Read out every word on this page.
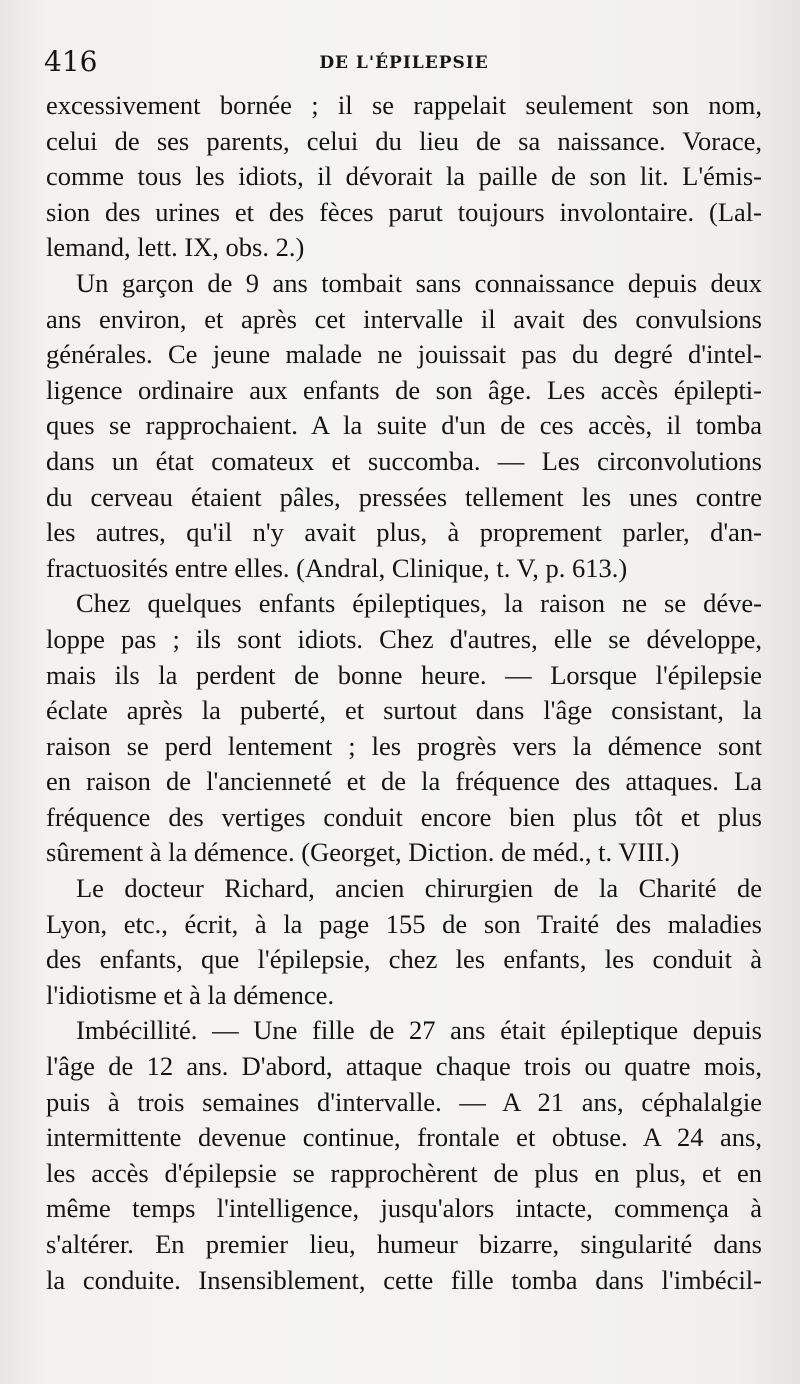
416	DE L'ÉPILEPSIE

excessivement bornée ; il se rappelait seulement son nom,

celui de ses parents, celui du lieu de sa naissance. Vorace,

comme tous les idiots, il dévorait la paille de son lit. L'émis-

sion des urines et des fèces parut toujours involontaire. (Lal-

lemand, lett. IX, obs. 2.)

Un garçon de 9 ans tombait sans connaissance depuis deux

ans environ, et après cet intervalle il avait des convulsions

générales. Ce jeune malade ne jouissait pas du degré d'intel-

ligence ordinaire aux enfants de son âge. Les accès épilepti-

ques se rapprochaient. A la suite d'un de ces accès, il tomba

dans un état comateux et succomba. — Les circonvolutions

du cerveau étaient pâles, pressées tellement les unes contre

les autres, qu'il n'y avait plus, à proprement parler, d'an-

fractuosités entre elles. (Andral, Clinique, t. V, p. 613.)

Chez quelques enfants épileptiques, la raison ne se déve-

loppe pas ; ils sont idiots. Chez d'autres, elle se développe,

mais ils la perdent de bonne heure. — Lorsque l'épilepsie

éclate après la puberté, et surtout dans l'âge consistant, la

raison se perd lentement ; les progrès vers la démence sont

en raison de l'ancienneté et de la fréquence des attaques. La

fréquence des vertiges conduit encore bien plus tôt et plus

sûrement à la démence. (Georget, Diction. de méd., t. VIII.)

Le docteur Richard, ancien chirurgien de la Charité de

Lyon, etc., écrit, à la page 155 de son Traité des maladies

des enfants, que l'épilepsie, chez les enfants, les conduit à

l'idiotisme et à la démence.

Imbécillité. — Une fille de 27 ans était épileptique depuis

l'âge de 12 ans. D'abord, attaque chaque trois ou quatre mois,

puis à trois semaines d'intervalle. — A 21 ans, céphalalgie

intermittente devenue continue, frontale et obtuse. A 24 ans,

les accès d'épilepsie se rapprochèrent de plus en plus, et en

même temps l'intelligence, jusqu'alors intacte, commença à

s'altérer. En premier lieu, humeur bizarre, singularité dans

la conduite. Insensiblement, cette fille tomba dans l'imbécil-
